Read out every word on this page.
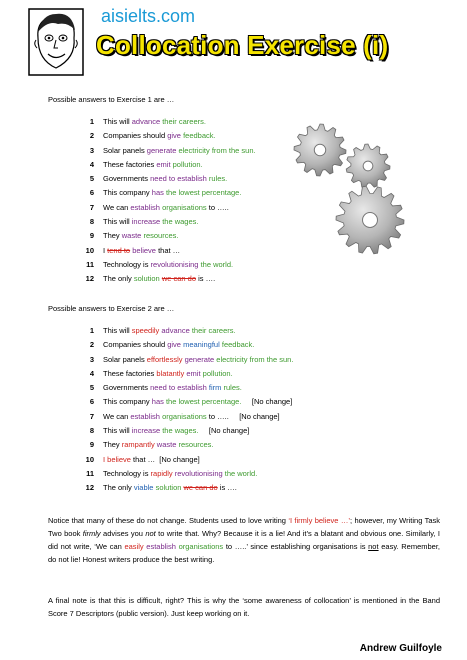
aisielts.com
Collocation Exercise (i)
Possible answers to Exercise 1 are …
1 This will advance their careers.
2 Companies should give feedback.
3 Solar panels generate electricity from the sun.
4 These factories emit pollution.
5 Governments need to establish rules.
6 This company has the lowest percentage.
7 We can establish organisations to …..
8 This will increase the wages.
9 They waste resources.
10 I tend to believe that …
11 Technology is revolutionising the world.
12 The only solution we can do is ….
Possible answers to Exercise 2 are …
1 This will speedily advance their careers.
2 Companies should give meaningful feedback.
3 Solar panels effortlessly generate electricity from the sun.
4 These factories blatantly emit pollution.
5 Governments need to establish firm rules.
6 This company has the lowest percentage.     [No change]
7 We can establish organisations to …..     [No change]
8 This will increase the wages.     [No change]
9 They rampantly waste resources.
10 I believe that …  [No change]
11 Technology is rapidly revolutionising the world.
12 The only viable solution we can do is ….
Notice that many of these do not change. Students used to love writing ‘I firmly believe …’; however, my Writing Task Two book firmly advises you not to write that. Why? Because it is a lie! And it’s a blatant and obvious one. Similarly, I did not write, ‘We can easily establish organisations to …..’ since establishing organisations is not easy. Remember, do not lie! Honest writers produce the best writing.
A final note is that this is difficult, right? This is why the ‘some awareness of collocation’ is mentioned in the Band Score 7 Descriptors (public version). Just keep working on it.
Andrew Guilfoyle
